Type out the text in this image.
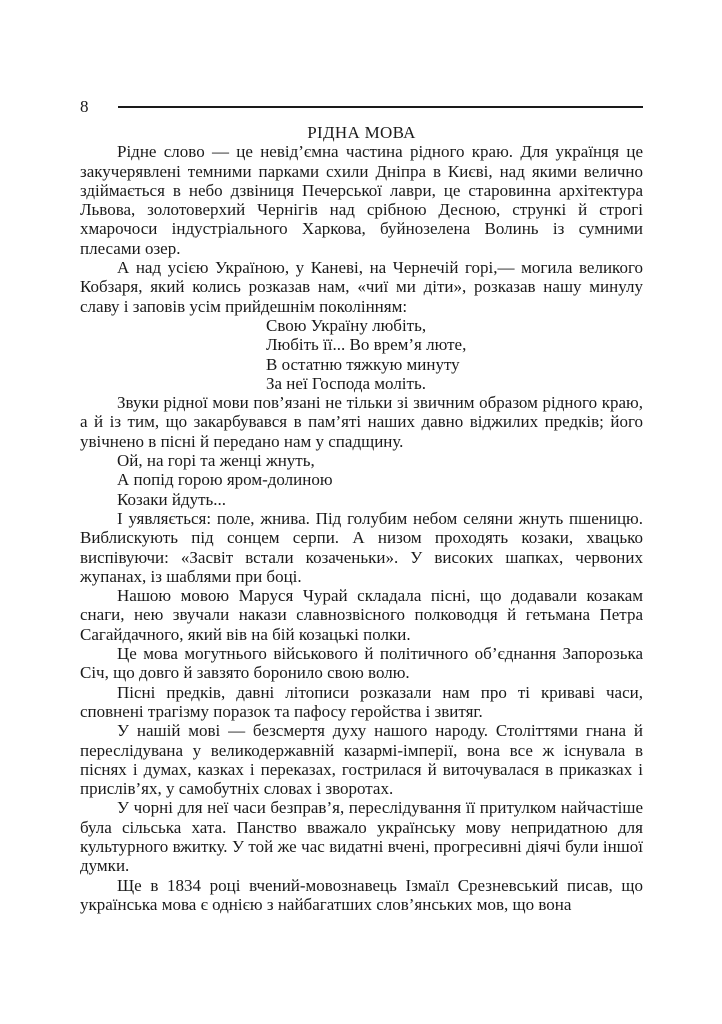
8
РІДНА МОВА

Рідне слово — це невід’ємна частина рідного краю. Для українця це закучерявлені темними парками схили Дніпра в Києві, над якими велично здіймається в небо дзвіниця Печерської лаври, це старовинна архітектура Львова, золотоверхий Чернігів над срібною Десною, стрункі й строгі хмарочоси індустріального Харкова, буйнозелена Волинь із сумними плесами озер.

А над усією Україною, у Каневі, на Чернечій горі,— могила великого Кобзаря, який колись розказав нам, «чиї ми діти», розказав нашу минулу славу і заповів усім прийдешнім поколінням:

Свою Україну любіть,
Любіть її... Во врем’я люте,
В остатню тяжкую минуту
За неї Господа моліть.

Звуки рідної мови пов’язані не тільки зі звичним образом рідного краю, а й із тим, що закарбувався в пам’яті наших давно віджилих предків; його увічнено в пісні й передано нам у спадщину.

Ой, на горі та женці жнуть,
А попід горою яром-долиною
Козаки йдуть...

І уявляється: поле, жнива. Під голубим небом селяни жнуть пшеницю. Виблискують під сонцем серпи. А низом проходять козаки, хвацько виспівуючи: «Засвіт встали козаченьки». У високих шапках, червоних жупанах, із шаблями при боці.

Нашою мовою Маруся Чурай складала пісні, що додавали козакам снаги, нею звучали накази славнозвісного полководця й гетьмана Петра Сагайдачного, який вів на бій козацькі полки.

Це мова могутнього військового й політичного об’єднання Запорозька Січ, що довго й завзято боронило свою волю.

Пісні предків, давні літописи розказали нам про ті криваві часи, сповнені трагізму поразок та пафосу геройства і звитяг.

У нашій мові — безсмертя духу нашого народу. Століттями гнана й переслідувана у великодержавній казармі-імперії, вона все ж існувала в піснях і думах, казках і переказах, гострилася й виточувалася в приказках і прислів’ях, у самобутніх словах і зворотах.

У чорні для неї часи безправ’я, переслідування її притулком найчастіше була сільська хата. Панство вважало українську мову непридатною для культурного вжитку. У той же час видатні вчені, прогресивні діячі були іншої думки.

Ще в 1834 році вчений-мовознавець Ізмаїл Срезневський писав, що українська мова є однією з найбагатших слов’янських мов, що вона
